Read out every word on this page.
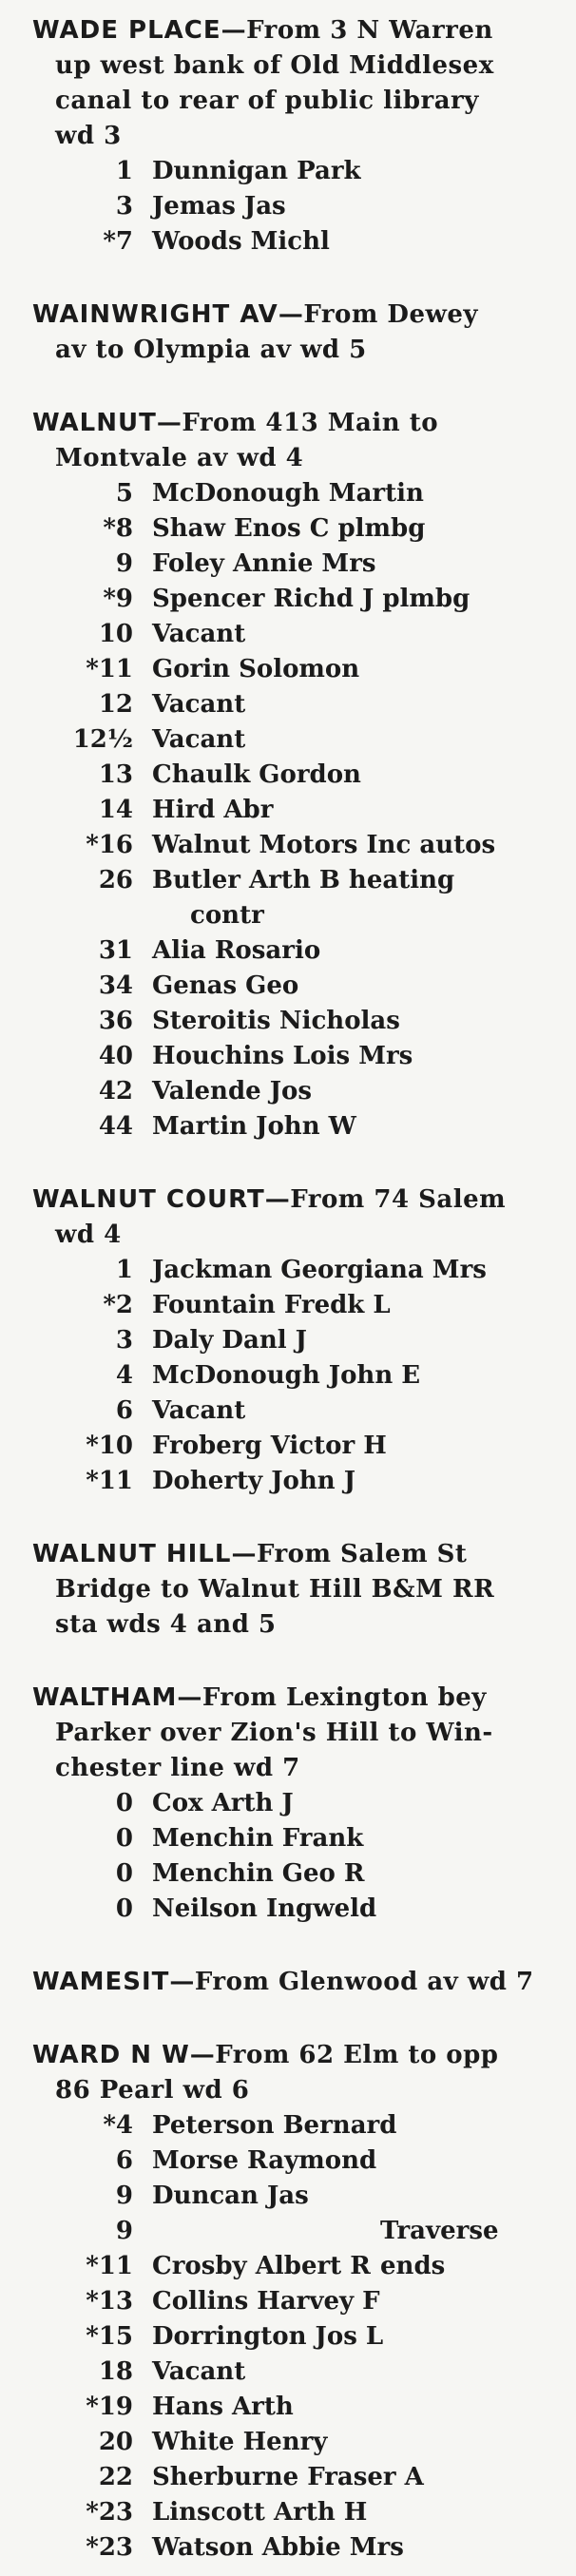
WADE PLACE—From 3 N Warren
up west bank of Old Middlesex
canal to rear of public library
wd 3
1 Dunnigan Park
3 Jemas Jas
*7 Woods Michl
WAINWRIGHT AV—From Dewey
av to Olympia av wd 5
WALNUT—From 413 Main to
Montvale av wd 4
5 McDonough Martin
*8 Shaw Enos C plmbg
9 Foley Annie Mrs
*9 Spencer Richd J plmbg
10 Vacant
*11 Gorin Solomon
12 Vacant
12½ Vacant
13 Chaulk Gordon
14 Hird Abr
*16 Walnut Motors Inc autos
26 Butler Arth B heating
contr
31 Alia Rosario
34 Genas Geo
36 Steroitis Nicholas
40 Houchins Lois Mrs
42 Valende Jos
44 Martin John W
WALNUT COURT—From 74 Salem
wd 4
1 Jackman Georgiana Mrs
*2 Fountain Fredk L
3 Daly Danl J
4 McDonough John E
6 Vacant
*10 Froberg Victor H
*11 Doherty John J
WALNUT HILL—From Salem St
Bridge to Walnut Hill B&M RR
sta wds 4 and 5
WALTHAM—From Lexington bey
Parker over Zion's Hill to Win-
chester line wd 7
0 Cox Arth J
0 Menchin Frank
0 Menchin Geo R
0 Neilson Ingweld
WAMESIT—From Glenwood av wd 7
WARD N W—From 62 Elm to opp
86 Pearl wd 6
*4 Peterson Bernard
6 Morse Raymond
9 Duncan Jas
9	Traverse ends
*11 Crosby Albert R
*13 Collins Harvey F
*15 Dorrington Jos L
18 Vacant
*19 Hans Arth
20 White Henry
22 Sherburne Fraser A
*23 Linscott Arth H
*23 Watson Abbie Mrs
